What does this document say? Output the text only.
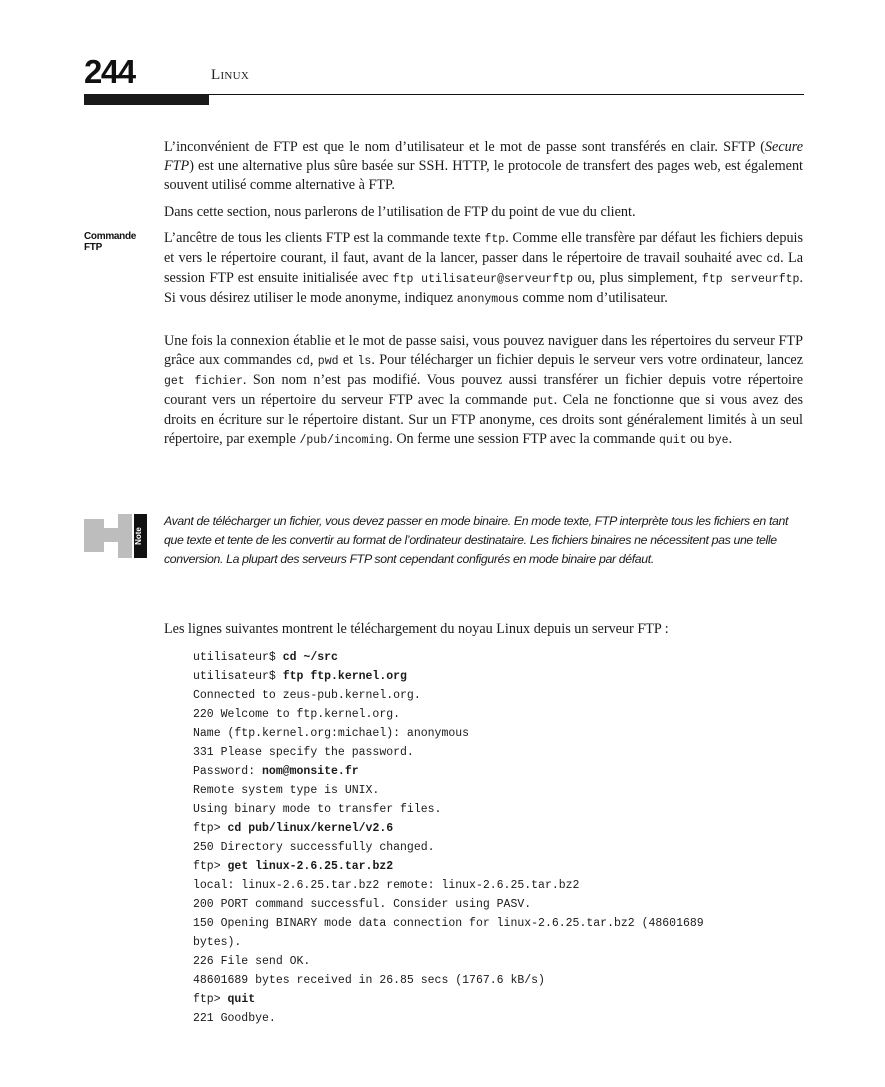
244	Linux

L’inconvénient de FTP est que le nom d’utilisateur et le mot de passe sont transférés en clair. SFTP (Secure FTP) est une alternative plus sûre basée sur SSH. HTTP, le protocole de transfert des pages web, est également souvent utilisé comme alternative à FTP.

Dans cette section, nous parlerons de l’utilisation de FTP du point de vue du client.

Commande
FTP

L’ancêtre de tous les clients FTP est la commande texte ftp. Comme elle transfère par défaut les fichiers depuis et vers le répertoire courant, il faut, avant de la lancer, passer dans le répertoire de travail souhaité avec cd. La session FTP est ensuite initialisée avec ftp utilisateur@serveurftp ou, plus simplement, ftp serveurftp. Si vous désirez utiliser le mode anonyme, indiquez anonymous comme nom d’utilisateur.

Une fois la connexion établie et le mot de passe saisi, vous pouvez naviguer dans les répertoires du serveur FTP grâce aux commandes cd, pwd et ls. Pour télécharger un fichier depuis le serveur vers votre ordinateur, lancez get fichier. Son nom n’est pas modifié. Vous pouvez aussi transférer un fichier depuis votre répertoire courant vers un répertoire du serveur FTP avec la commande put. Cela ne fonctionne que si vous avez des droits en écriture sur le répertoire distant. Sur un FTP anonyme, ces droits sont généralement limités à un seul répertoire, par exemple /pub/incoming. On ferme une session FTP avec la commande quit ou bye.

Note

Avant de télécharger un fichier, vous devez passer en mode binaire. En mode texte, FTP interprète tous les fichiers en tant que texte et tente de les convertir au format de l’ordinateur destinataire. Les fichiers binaires ne nécessitent pas une telle conversion. La plupart des serveurs FTP sont cependant configurés en mode binaire par défaut.

Les lignes suivantes montrent le téléchargement du noyau Linux depuis un serveur FTP :

utilisateur$ cd ~/src
utilisateur$ ftp ftp.kernel.org
Connected to zeus-pub.kernel.org.
220 Welcome to ftp.kernel.org.
Name (ftp.kernel.org:michael): anonymous
331 Please specify the password.
Password: nom@monsite.fr
Remote system type is UNIX.
Using binary mode to transfer files.
ftp> cd pub/linux/kernel/v2.6
250 Directory successfully changed.
ftp> get linux-2.6.25.tar.bz2
local: linux-2.6.25.tar.bz2 remote: linux-2.6.25.tar.bz2
200 PORT command successful. Consider using PASV.
150 Opening BINARY mode data connection for linux-2.6.25.tar.bz2 (48601689
bytes).
226 File send OK.
48601689 bytes received in 26.85 secs (1767.6 kB/s)
ftp> quit
221 Goodbye.
